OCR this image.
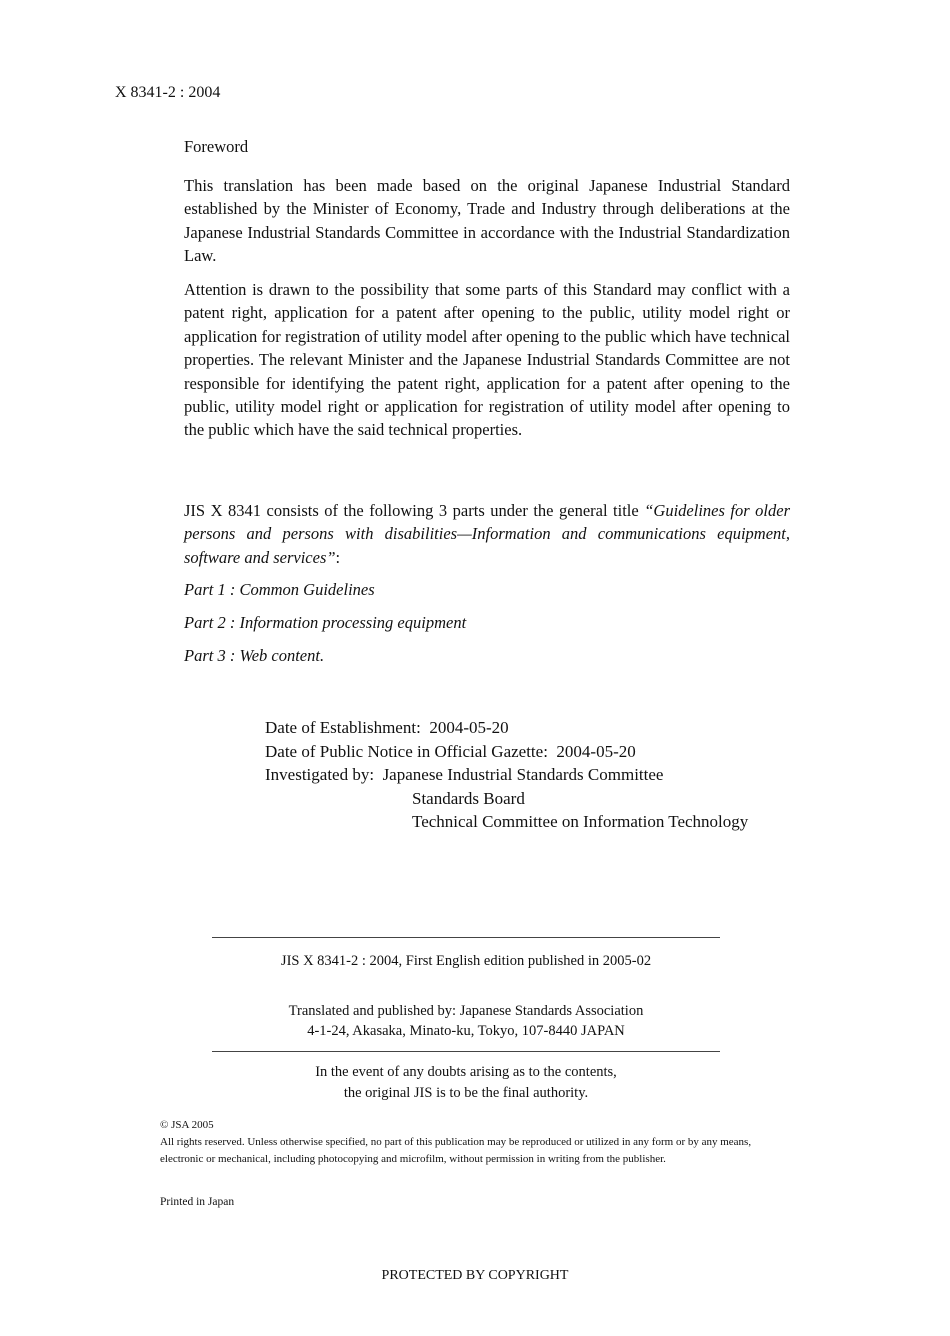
X 8341-2 : 2004
Foreword

This translation has been made based on the original Japanese Industrial Standard established by the Minister of Economy, Trade and Industry through deliberations at the Japanese Industrial Standards Committee in accordance with the Industrial Standardization Law.

Attention is drawn to the possibility that some parts of this Standard may conflict with a patent right, application for a patent after opening to the public, utility model right or application for registration of utility model after opening to the public which have technical properties. The relevant Minister and the Japanese Industrial Standards Committee are not responsible for identifying the patent right, application for a patent after opening to the public, utility model right or application for registration of utility model after opening to the public which have the said technical properties.

JIS X 8341 consists of the following 3 parts under the general title “Guidelines for older persons and persons with disabilities—Information and communications equipment, software and services”:

Part 1 : Common Guidelines
Part 2 : Information processing equipment
Part 3 : Web content.
Date of Establishment: 2004-05-20
Date of Public Notice in Official Gazette: 2004-05-20
Investigated by: Japanese Industrial Standards Committee
Standards Board
Technical Committee on Information Technology
JIS X 8341-2 : 2004, First English edition published in 2005-02
Translated and published by: Japanese Standards Association
4-1-24, Akasaka, Minato-ku, Tokyo, 107-8440 JAPAN
In the event of any doubts arising as to the contents,
the original JIS is to be the final authority.
© JSA 2005
All rights reserved. Unless otherwise specified, no part of this publication may be reproduced or utilized in any form or by any means, electronic or mechanical, including photocopying and microfilm, without permission in writing from the publisher.
Printed in Japan
PROTECTED BY COPYRIGHT
